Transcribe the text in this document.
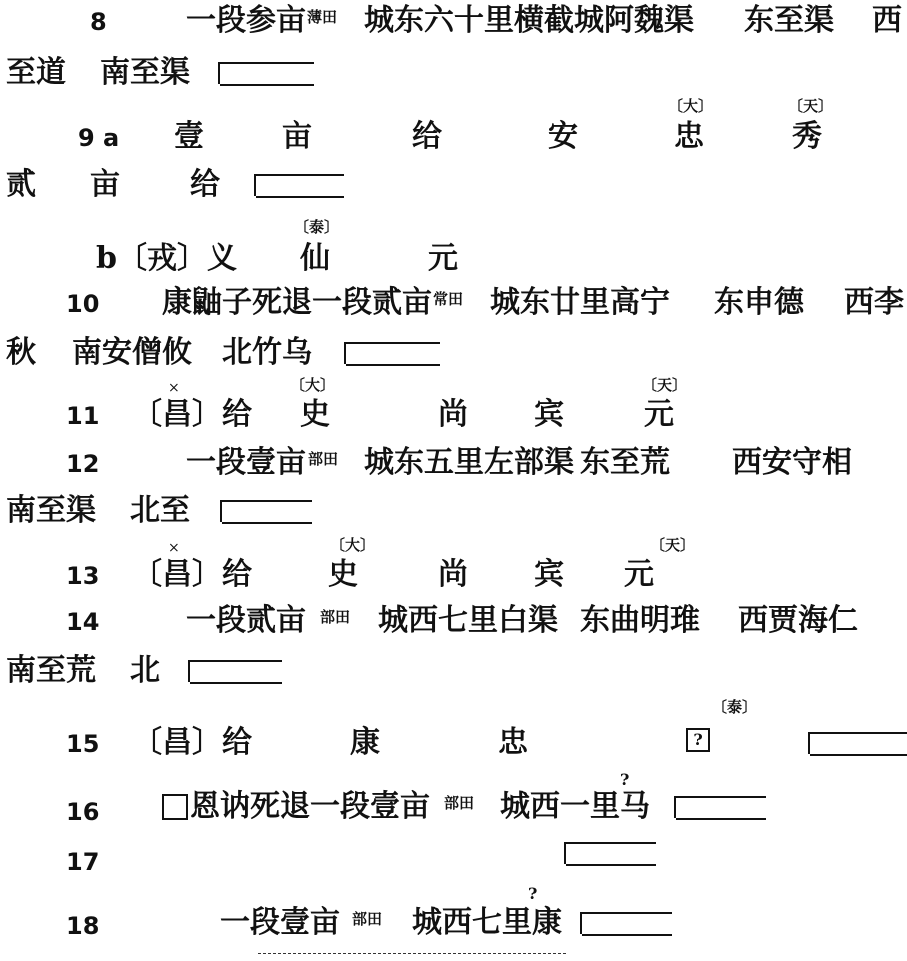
8	一段参亩 薄田 城东六十里横截城阿魏渠 东至渠 西
至道 南至渠
〔大〕	〔天〕
9 a 壹	亩	给	安	忠	秀
贰 亩 给
〔泰〕
b〔戎〕义 仙	元
10 康鼬子死退一段贰亩 常田 城东廿里高宁 东申德 西李
秋 南安僧攸 北竹乌
×	〔大〕	〔天〕
11 〔昌〕给 史	尚 宾	元
12	一段壹亩 部田 城东五里左部渠 东至荒 西安守相
南至渠 北至
×	〔大〕	〔天〕
13 〔昌〕给	史	尚 宾 元
14	一段贰亩 部田 城西七里白渠 东曲明琟 西贾海仁
南至荒 北
〔泰〕
15 〔昌〕给	康	忠	?
?
16	恩讷死退一段壹亩 部田 城西一里马
17
?
18	一段壹亩 部田 城西七里康
